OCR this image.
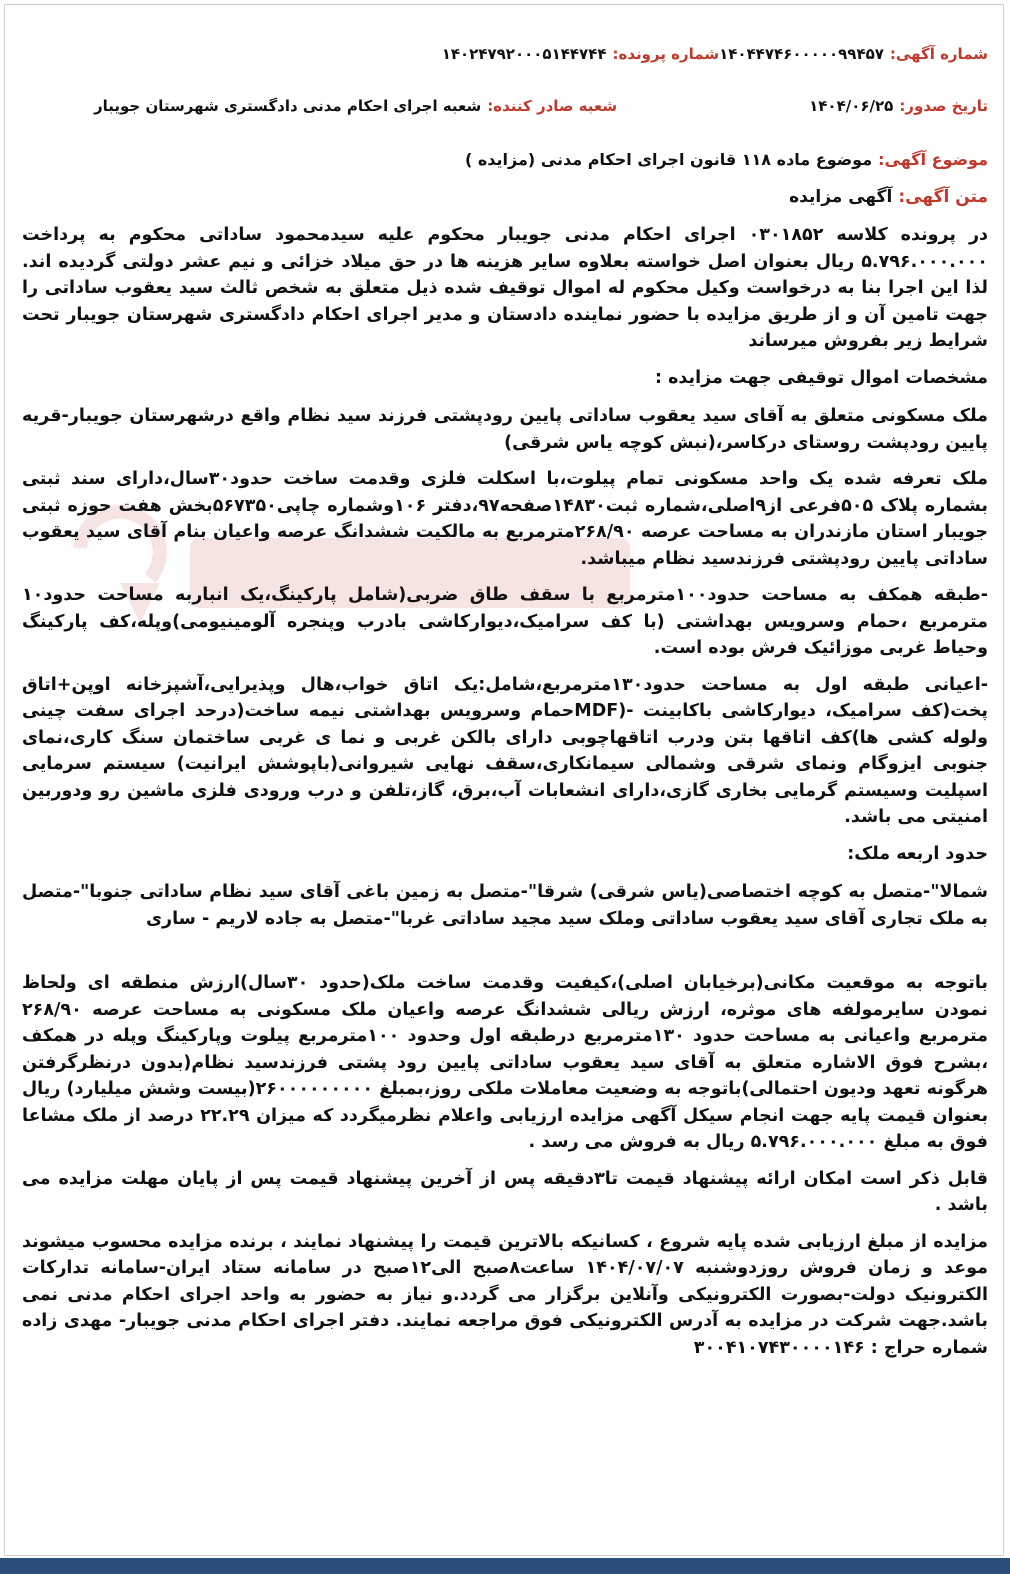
شماره آگهی:
۱۴۰۴۴۷۴۶۰۰۰۰۰۹۹۴۵۷
شماره پرونده:
۱۴۰۲۴۷۹۲۰۰۰۵۱۴۴۷۴۴
تاریخ صدور:
۱۴۰۴/۰۶/۲۵
شعبه صادر کننده:
شعبه اجرای احکام مدنی دادگستری شهرستان جویبار
موضوع آگهی:
موضوع ماده ۱۱۸ قانون اجرای احکام مدنی (مزایده )
متن آگهی:
آگهی مزایده

در پرونده کلاسه ۰۳۰۱۸۵۲ اجرای احکام مدنی جویبار محکوم علیه سیدمحمود ساداتی محکوم به پرداخت ۵.۷۹۶.۰۰۰.۰۰۰ ریال بعنوان اصل خواسته بعلاوه سایر هزینه ها در حق میلاد خزائی و نیم عشر دولتی گردیده اند. لذا این اجرا بنا به درخواست وکیل محکوم له اموال توقیف شده ذیل متعلق به شخص ثالث سید یعقوب ساداتی را جهت تامین آن و از طریق مزایده با حضور نماینده دادستان و مدیر اجرای احکام دادگستری شهرستان جویبار تحت شرایط زیر بفروش میرساند

مشخصات اموال توقیفی جهت مزایده :

ملک مسکونی متعلق به آقای سید یعقوب ساداتی پایین رودپشتی فرزند سید نظام واقع درشهرستان جویبار-قریه پایین رودپشت روستای درکاسر،(نبش کوچه یاس شرقی)

ملک تعرفه شده یک واحد مسکونی تمام پیلوت،با اسکلت فلزی وقدمت ساخت حدود۳۰سال،دارای سند ثبتی بشماره پلاک ۵۰۵فرعی از۹اصلی،شماره ثبت۱۴۸۳۰صفحه۹۷،دفتر ۱۰۶وشماره چاپی۵۶۷۳۵۰بخش هفت حوزه ثبتی جویبار استان مازندران به مساحت عرصه ۲۶۸/۹۰مترمربع به مالکیت ششدانگ عرصه واعیان بنام آقای سید یعقوب ساداتی پایین رودپشتی فرزندسید نظام میباشد.

-طبقه همکف به مساحت حدود۱۰۰مترمربع با سقف طاق ضربی(شامل پارکینگ،یک انباربه مساحت حدود۱۰ مترمربع ،حمام وسرویس بهداشتی (با کف سرامیک،دیوارکاشی بادرب وپنجره آلومینیومی)وپله،کف پارکینگ وحیاط غربی موزائیک فرش بوده است.

-اعیانی طبقه اول به مساحت حدود۱۳۰مترمربع،شامل:یک اتاق خواب،هال وپذیرایی،آشپزخانه اوپن+اتاق پخت(کف سرامیک، دیوارکاشی باکابینت -(MDFحمام وسرویس بهداشتی نیمه ساخت(درحد اجرای سفت چینی ولوله کشی ها)کف اتاقها بتن ودرب اتاقهاچوبی دارای بالکن غربی و نما ی غربی ساختمان سنگ کاری،نمای جنوبی ایزوگام ونمای شرقی وشمالی سیمانکاری،سقف نهایی شیروانی(باپوشش ایرانیت) سیستم سرمایی اسپلیت وسیستم گرمایی بخاری گازی،دارای انشعابات آب،برق، گاز،تلفن و درب ورودی فلزی ماشین رو ودوربین امنیتی می باشد.

حدود اربعه ملک:

شمالا"-متصل به کوچه اختصاصی(یاس شرقی) شرقا"-متصل به زمین باغی آقای سید نظام ساداتی جنوبا"-متصل به ملک تجاری آقای سید یعقوب ساداتی وملک سید مجید ساداتی غربا"-متصل به جاده لاریم - ساری

باتوجه به موقعیت مکانی(برخیابان اصلی)،کیفیت وقدمت ساخت ملک(حدود ۳۰سال)ارزش منطقه ای ولحاظ نمودن سایرمولفه های موثره، ارزش ریالی ششدانگ عرصه واعیان ملک مسکونی به مساحت عرصه ۲۶۸/۹۰ مترمربع واعیانی به مساحت حدود ۱۳۰مترمربع درطبقه اول وحدود ۱۰۰مترمربع پیلوت وپارکینگ وپله در همکف ،بشرح فوق الاشاره متعلق به آقای سید یعقوب ساداتی پایین رود پشتی فرزندسید نظام(بدون درنظرگرفتن هرگونه تعهد ودیون احتمالی)باتوجه به وضعیت معاملات ملکی روز،بمبلغ ۲۶۰۰۰۰۰۰۰۰۰(بیست وشش میلیارد) ریال بعنوان قیمت پایه جهت انجام سیکل آگهی مزایده ارزیابی واعلام نظرمیگردد که میزان ۲۲.۲۹ درصد از ملک مشاعا فوق به مبلغ ۵.۷۹۶.۰۰۰.۰۰۰ ریال به فروش می رسد .

قابل ذکر است امکان ارائه پیشنهاد قیمت تا۳دقیقه پس از آخرین پیشنهاد قیمت پس از پایان مهلت مزایده می باشد .

مزایده از مبلغ ارزیابی شده پایه شروع ، کسانیکه بالاترین قیمت را پیشنهاد نمایند ، برنده مزایده محسوب میشوند موعد و زمان فروش روزدوشنبه ۱۴۰۴/۰۷/۰۷ ساعت۸صبح الی۱۲صبح در سامانه ستاد ایران-سامانه تدارکات الکترونیک دولت-بصورت الکترونیکی وآنلاین برگزار می گردد.و نیاز به حضور به واحد اجرای احکام مدنی نمی باشد.جهت شرکت در مزایده به آدرس الکترونیکی فوق مراجعه نمایند. دفتر اجرای احکام مدنی جویبار- مهدی زاده شماره حراج : ۳۰۰۴۱۰۷۴۳۰۰۰۰۱۴۶
